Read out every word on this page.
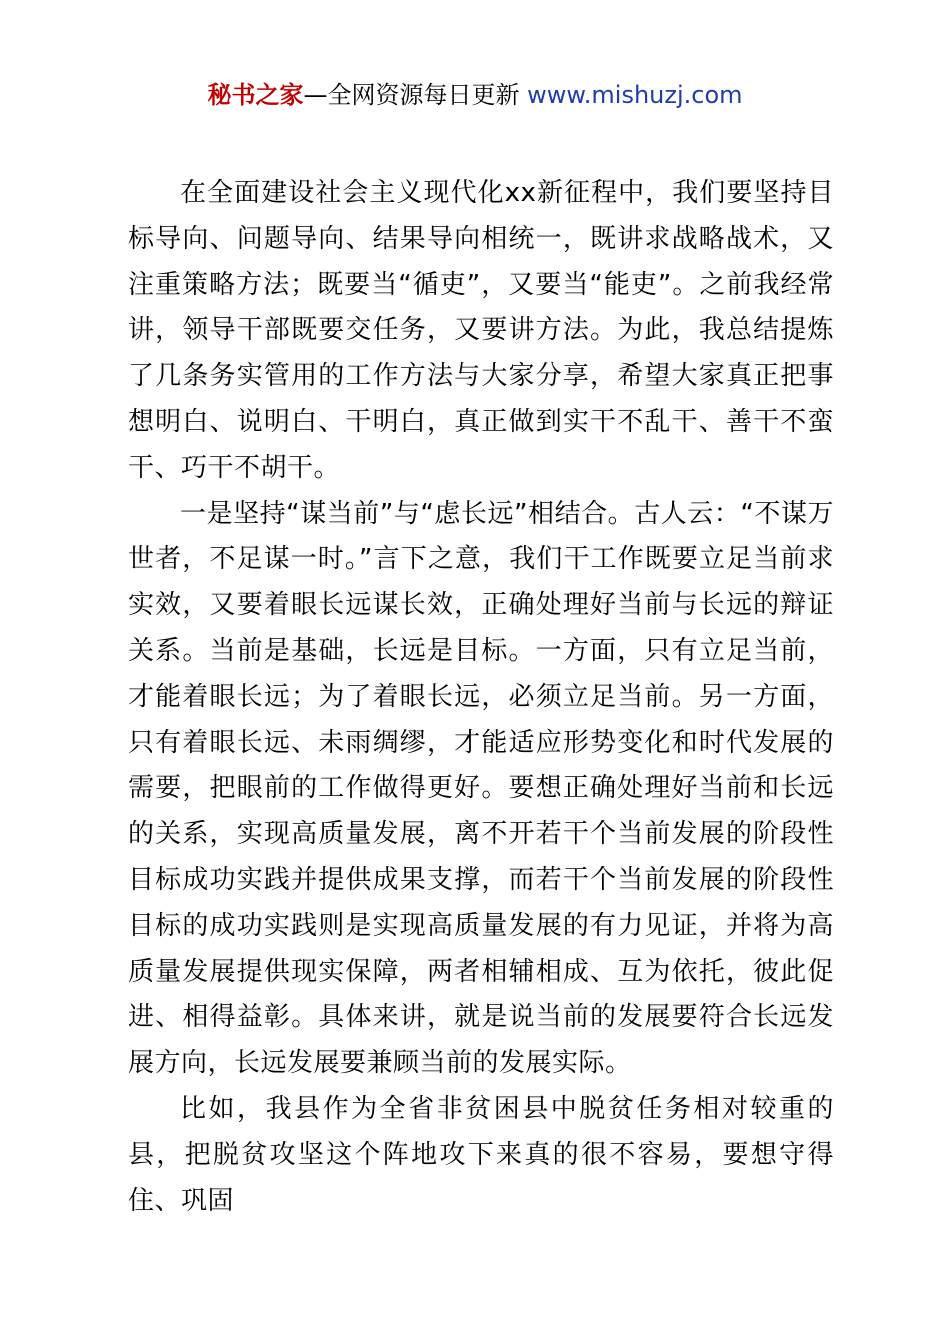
秘书之家—全网资源每日更新 www.mishuzj.com

在全面建设社会主义现代化xx新征程中，我们要坚持目标导向、问题导向、结果导向相统一，既讲求战略战术，又注重策略方法；既要当“循吏”，又要当“能吏”。之前我经常讲，领导干部既要交任务，又要讲方法。为此，我总结提炼了几条务实管用的工作方法与大家分享，希望大家真正把事想明白、说明白、干明白，真正做到实干不乱干、善干不蛮干、巧干不胡干。

一是坚持“谋当前”与“虑长远”相结合。古人云：“不谋万世者，不足谋一时。”言下之意，我们干工作既要立足当前求实效，又要着眼长远谋长效，正确处理好当前与长远的辩证关系。当前是基础，长远是目标。一方面，只有立足当前，才能着眼长远；为了着眼长远，必须立足当前。另一方面，只有着眼长远、未雨绸缪，才能适应形势变化和时代发展的需要，把眼前的工作做得更好。要想正确处理好当前和长远的关系，实现高质量发展，离不开若干个当前发展的阶段性目标成功实践并提供成果支撑，而若干个当前发展的阶段性目标的成功实践则是实现高质量发展的有力见证，并将为高质量发展提供现实保障，两者相辅相成、互为依托，彼此促进、相得益彰。具体来讲，就是说当前的发展要符合长远发展方向，长远发展要兼顾当前的发展实际。

比如，我县作为全省非贫困县中脱贫任务相对较重的县，把脱贫攻坚这个阵地攻下来真的很不容易，要想守得住、巩固
